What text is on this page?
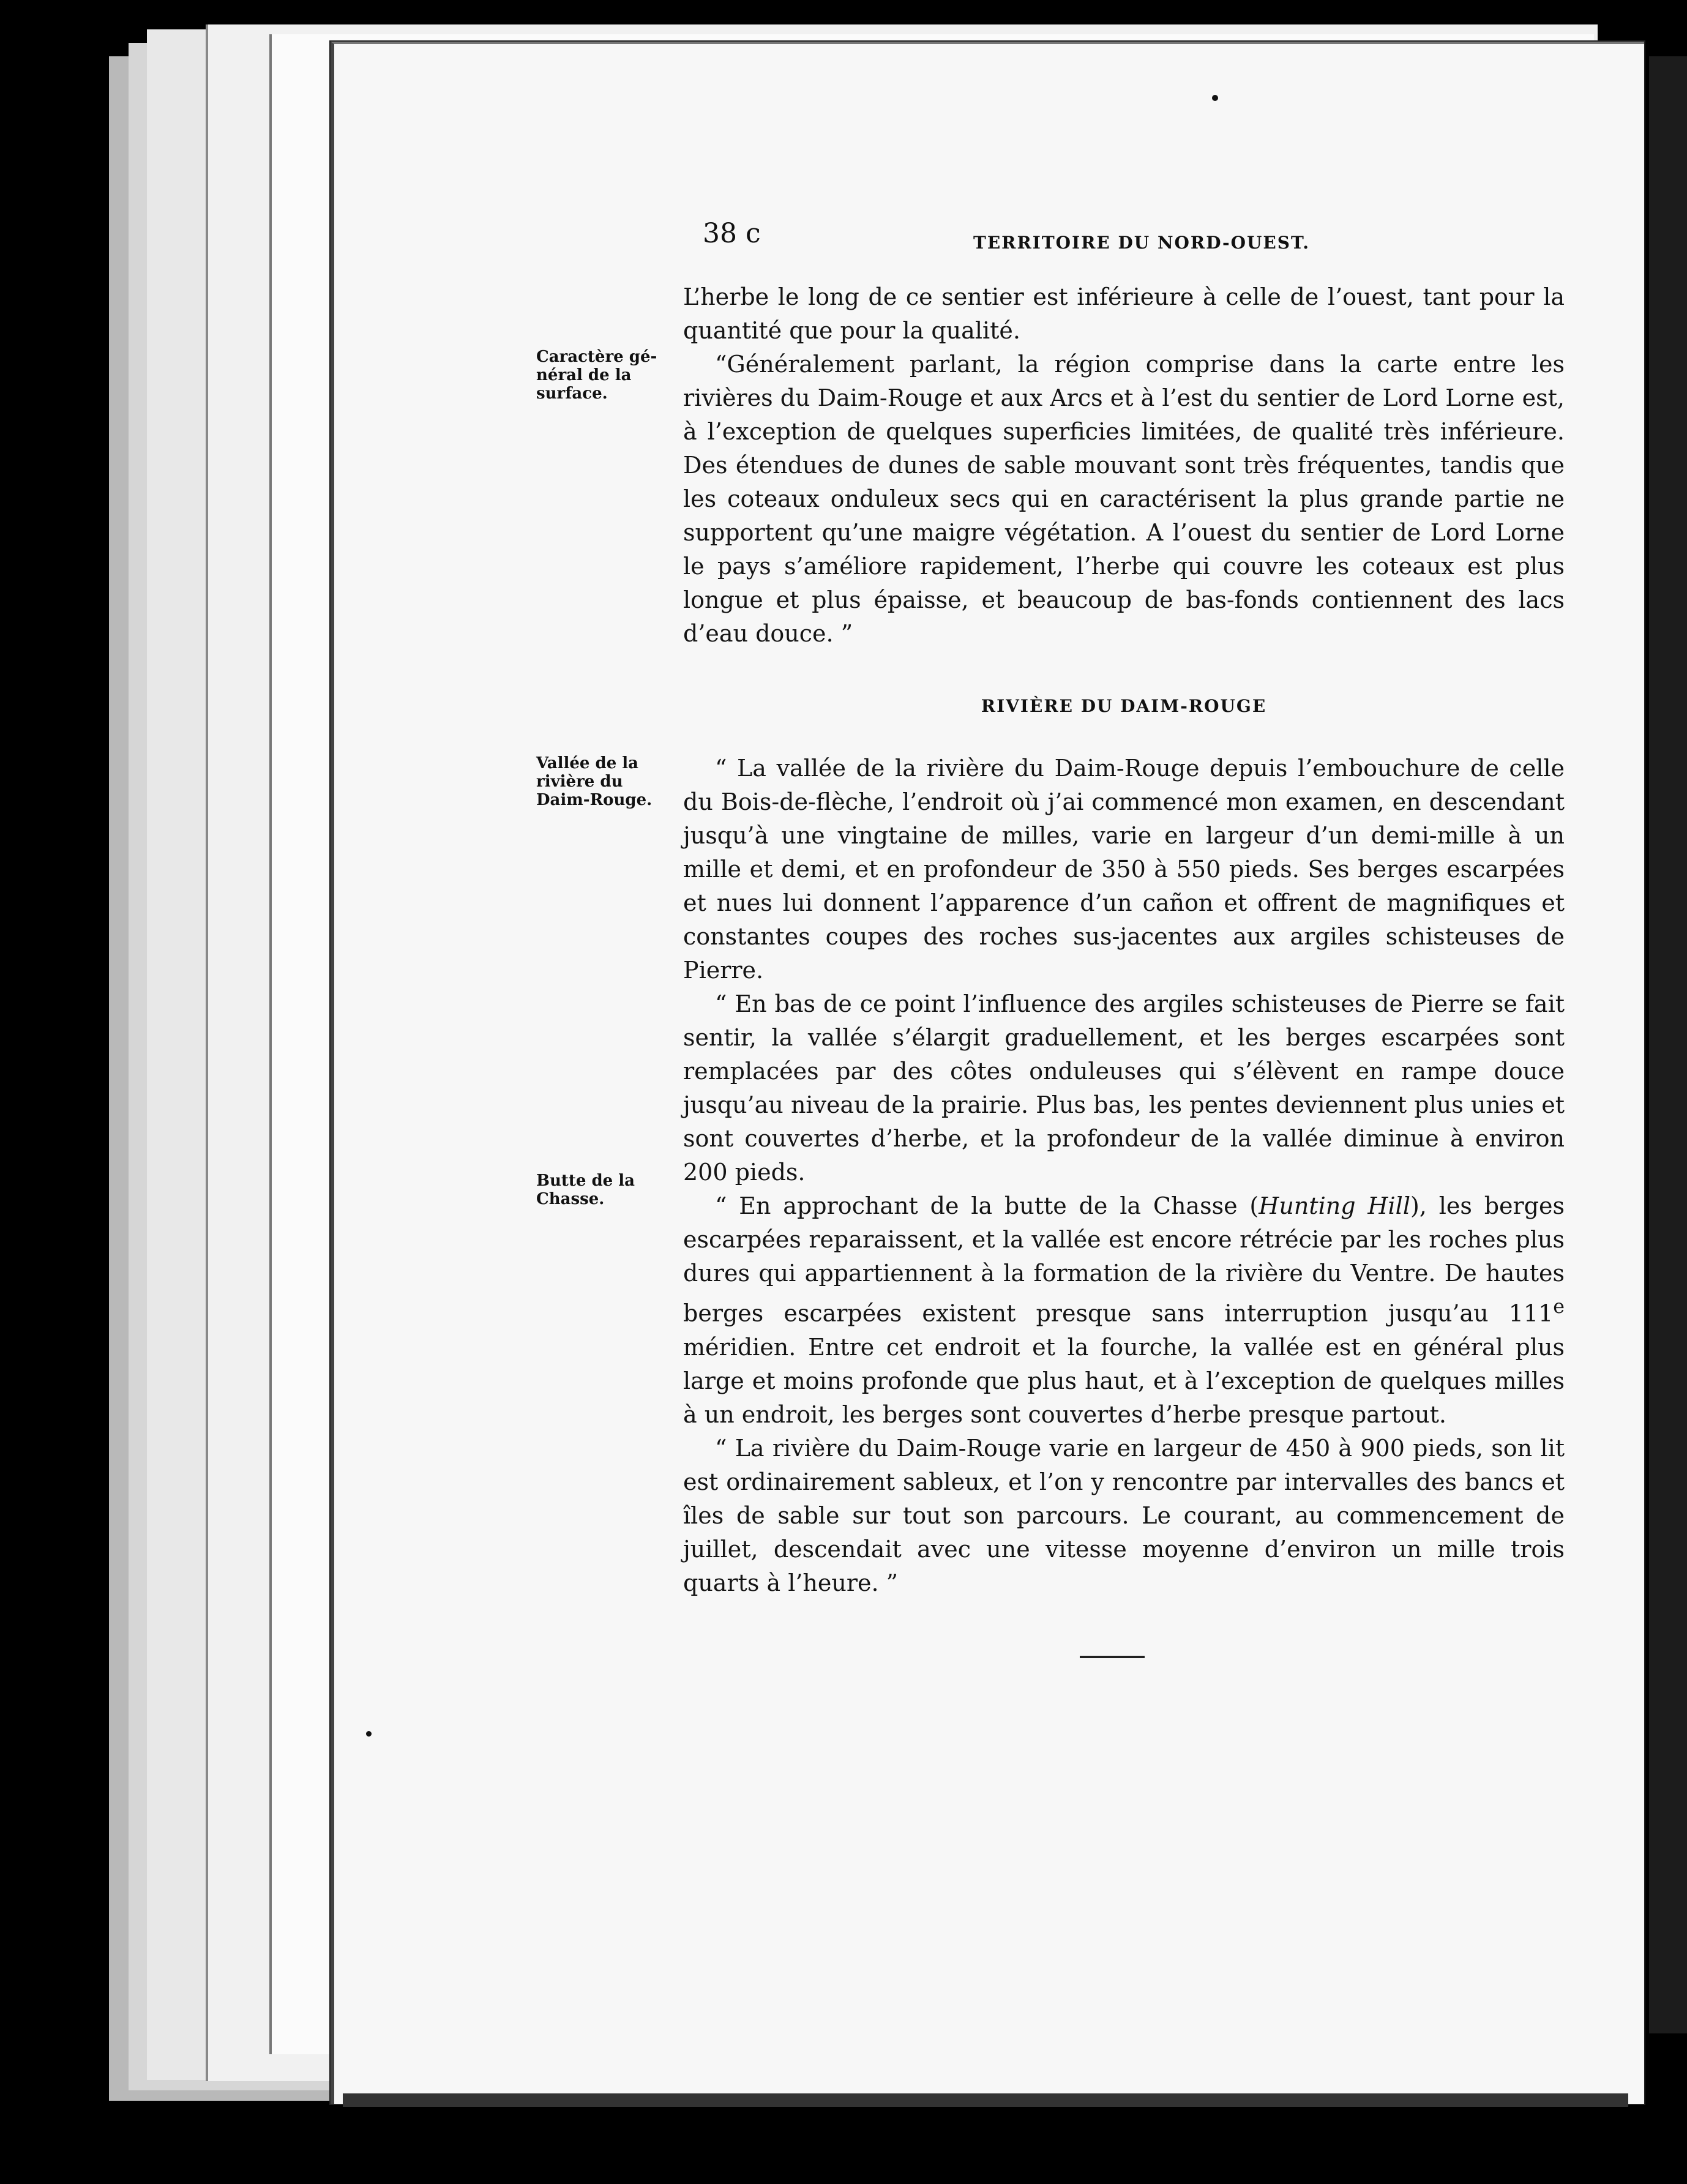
38 c	TERRITOIRE DU NORD-OUEST.
Caractère gé-néral de la surface.
Vallée de la rivière du Daim-Rouge.
Butte de la Chasse.

L’herbe le long de ce sentier est inférieure à celle de l’ouest, tant pour la quantité que pour la qualité.

“Généralement parlant, la région comprise dans la carte entre les rivières du Daim-Rouge et aux Arcs et à l’est du sentier de Lord Lorne est, à l’exception de quelques superficies limitées, de qualité très inférieure. Des étendues de dunes de sable mouvant sont très fréquentes, tandis que les coteaux onduleux secs qui en caractérisent la plus grande partie ne supportent qu’une maigre végétation. A l’ouest du sentier de Lord Lorne le pays s’améliore rapidement, l’herbe qui couvre les coteaux est plus longue et plus épaisse, et beaucoup de bas-fonds contiennent des lacs d’eau douce. ”

RIVIÈRE DU DAIM-ROUGE

“ La vallée de la rivière du Daim-Rouge depuis l’embouchure de celle du Bois-de-flèche, l’endroit où j’ai commencé mon examen, en descendant jusqu’à une vingtaine de milles, varie en largeur d’un demi-mille à un mille et demi, et en profondeur de 350 à 550 pieds. Ses berges escarpées et nues lui donnent l’apparence d’un cañon et offrent de magnifiques et constantes coupes des roches sus-jacentes aux argiles schisteuses de Pierre.

“ En bas de ce point l’influence des argiles schisteuses de Pierre se fait sentir, la vallée s’élargit graduellement, et les berges escarpées sont remplacées par des côtes onduleuses qui s’élèvent en rampe douce jusqu’au niveau de la prairie. Plus bas, les pentes deviennent plus unies et sont couvertes d’herbe, et la profondeur de la vallée diminue à environ 200 pieds.

“ En approchant de la butte de la Chasse (Hunting Hill), les berges escarpées reparaissent, et la vallée est encore rétrécie par les roches plus dures qui appartiennent à la formation de la rivière du Ventre. De hautes berges escarpées existent presque sans interruption jusqu’au 111e méridien. Entre cet endroit et la fourche, la vallée est en général plus large et moins profonde que plus haut, et à l’exception de quelques milles à un endroit, les berges sont couvertes d’herbe presque partout.

“ La rivière du Daim-Rouge varie en largeur de 450 à 900 pieds, son lit est ordinairement sableux, et l’on y rencontre par intervalles des bancs et îles de sable sur tout son parcours. Le courant, au commencement de juillet, descendait avec une vitesse moyenne d’environ un mille trois quarts à l’heure. ”
